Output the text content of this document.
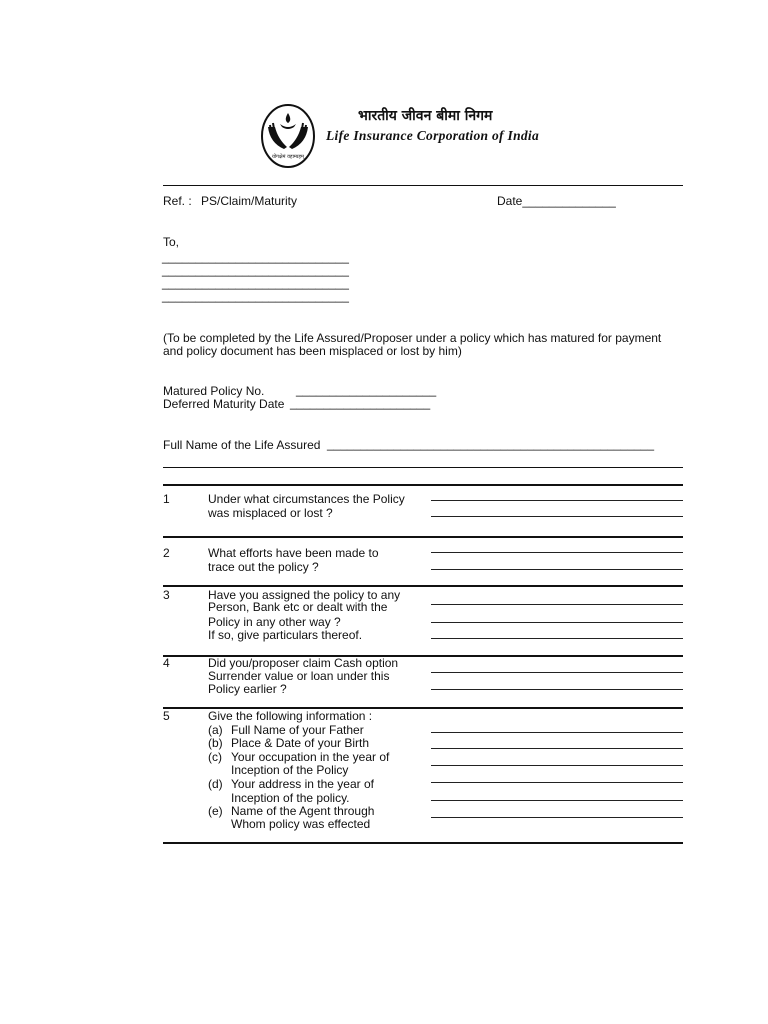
योगक्षेमं वहाम्यहम्
भारतीय जीवन बीमा निगम
Life Insurance Corporation of India
Ref. : PS/Claim/Maturity	Date______________
To,
____________________________
____________________________
____________________________
____________________________
(To be completed by the Life Assured/Proposer under a policy which has matured for payment
and policy document has been misplaced or lost by him)
Matured Policy No.	_____________________
Deferred Maturity Date _____________________
Full Name of the Life Assured _________________________________________________
1	Under what circumstances the Policy
was misplaced or lost ?
2	What efforts have been made to
trace out the policy ?
3	Have you assigned the policy to any
Person, Bank etc or dealt with the
Policy in any other way ?
If so, give particulars thereof.
4	Did you/proposer claim Cash option
Surrender value or loan under this
Policy earlier ?
5	Give the following information :
(a) Full Name of your Father
(b) Place & Date of your Birth
(c) Your occupation in the year of
Inception of the Policy
(d) Your address in the year of
Inception of the policy.
(e) Name of the Agent through
Whom policy was effected
